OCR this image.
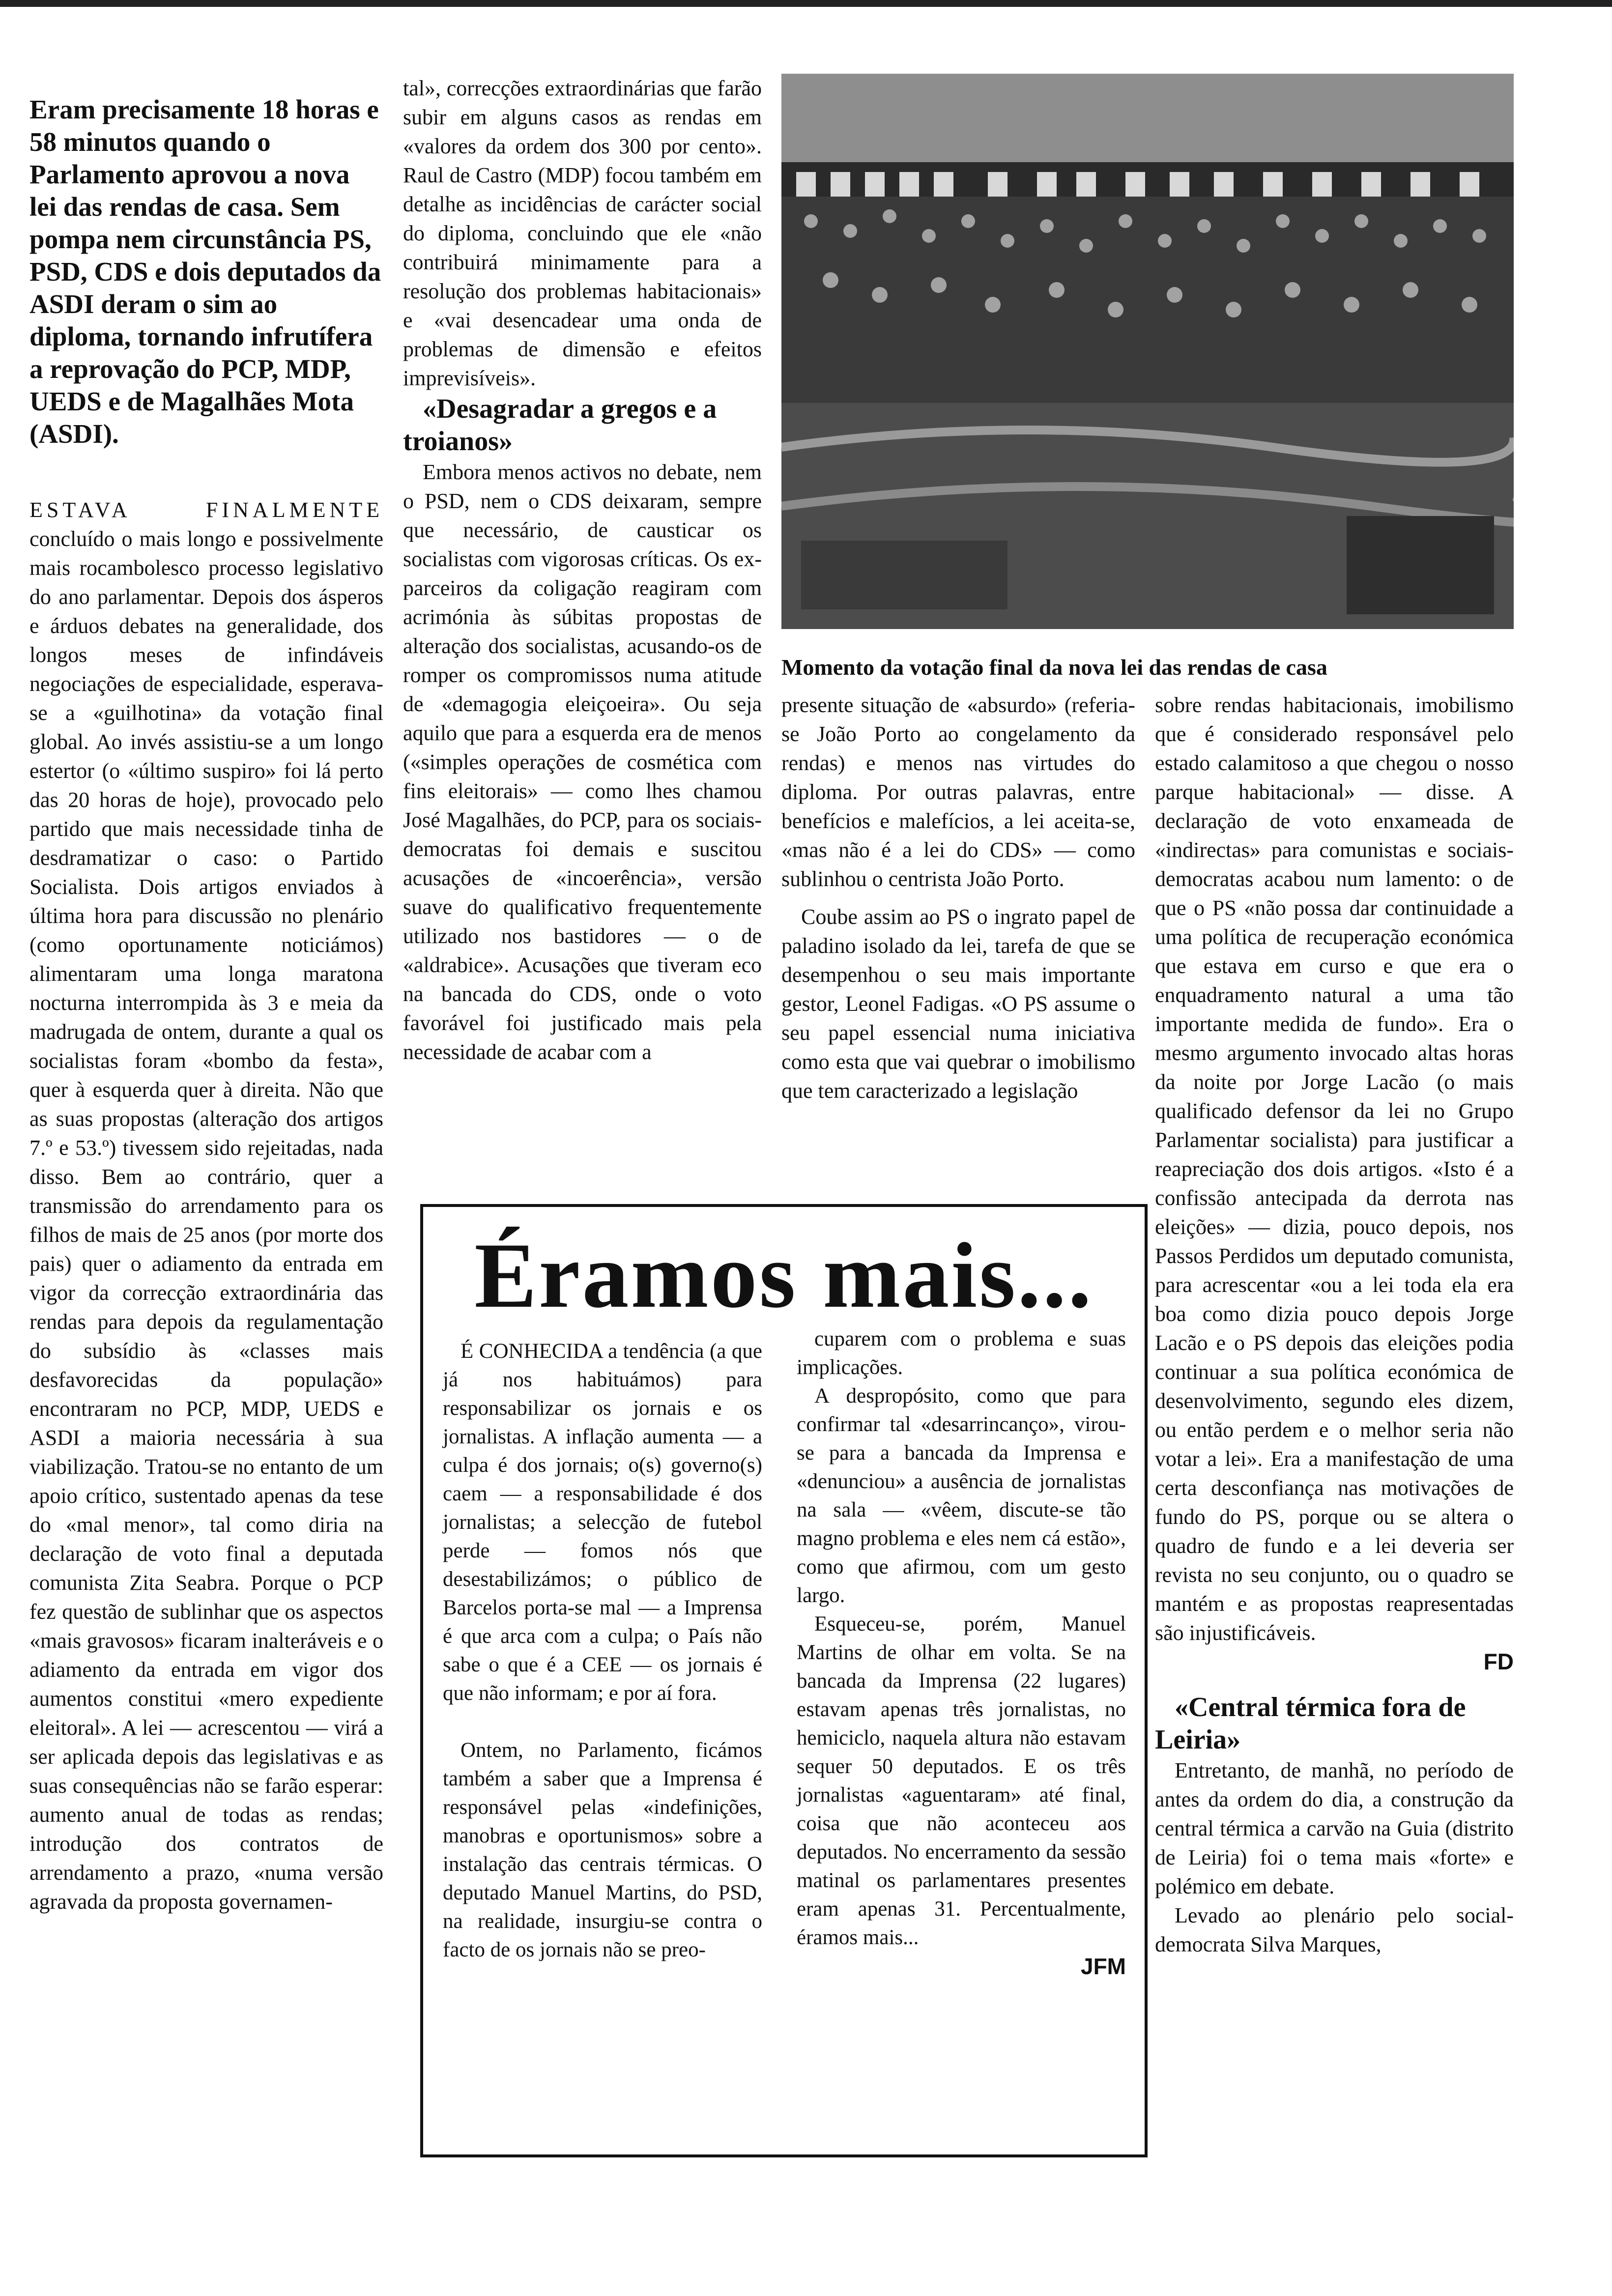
Eram precisamente 18 horas e 58 minutos quando o Parlamento aprovou a nova lei das rendas de casa. Sem pompa nem circunstância PS, PSD, CDS e dois deputados da ASDI deram o sim ao diploma, tornando infrutífera a reprovação do PCP, MDP, UEDS e de Magalhães Mota (ASDI).

ESTAVA FINALMENTE concluído o mais longo e possivelmente mais rocambolesco processo legislativo do ano parlamentar. Depois dos ásperos e árduos debates na generalidade, dos longos meses de infindáveis negociações de especialidade, esperava-se a «guilhotina» da votação final global. Ao invés assistiu-se a um longo estertor (o «último suspiro» foi lá perto das 20 horas de hoje), provocado pelo partido que mais necessidade tinha de desdramatizar o caso: o Partido Socialista. Dois artigos enviados à última hora para discussão no plenário (como oportunamente noticiámos) alimentaram uma longa maratona nocturna interrompida às 3 e meia da madrugada de ontem, durante a qual os socialistas foram «bombo da festa», quer à esquerda quer à direita. Não que as suas propostas (alteração dos artigos 7.º e 53.º) tivessem sido rejeitadas, nada disso. Bem ao contrário, quer a transmissão do arrendamento para os filhos de mais de 25 anos (por morte dos pais) quer o adiamento da entrada em vigor da correcção extraordinária das rendas para depois da regulamentação do subsídio às «classes mais desfavorecidas da população» encontraram no PCP, MDP, UEDS e ASDI a maioria necessária à sua viabilização. Tratou-se no entanto de um apoio crítico, sustentado apenas da tese do «mal menor», tal como diria na declaração de voto final a deputada comunista Zita Seabra. Porque o PCP fez questão de sublinhar que os aspectos «mais gravosos» ficaram inalteráveis e o adiamento da entrada em vigor dos aumentos constitui «mero expediente eleitoral». A lei — acrescentou — virá a ser aplicada depois das legislativas e as suas consequências não se farão esperar: aumento anual de todas as rendas; introdução dos contratos de arrendamento a prazo, «numa versão agravada da proposta governamen-

tal», correcções extraordinárias que farão subir em alguns casos as rendas em «valores da ordem dos 300 por cento». Raul de Castro (MDP) focou também em detalhe as incidências de carácter social do diploma, concluindo que ele «não contribuirá minimamente para a resolução dos problemas habitacionais» e «vai desencadear uma onda de problemas de dimensão e efeitos imprevisíveis».

«Desagradar a gregos e a troianos»

Embora menos activos no debate, nem o PSD, nem o CDS deixaram, sempre que necessário, de causticar os socialistas com vigorosas críticas. Os ex-parceiros da coligação reagiram com acrimónia às súbitas propostas de alteração dos socialistas, acusando-os de romper os compromissos numa atitude de «demagogia eleiçoeira». Ou seja aquilo que para a esquerda era de menos («simples operações de cosmética com fins eleitorais» — como lhes chamou José Magalhães, do PCP, para os sociais-democratas foi demais e suscitou acusações de «incoerência», versão suave do qualificativo frequentemente utilizado nos bastidores — o de «aldrabice». Acusações que tiveram eco na bancada do CDS, onde o voto favorável foi justificado mais pela necessidade de acabar com a

Momento da votação final da nova lei das rendas de casa

presente situação de «absurdo» (referia-se João Porto ao congelamento da rendas) e menos nas virtudes do diploma. Por outras palavras, entre benefícios e malefícios, a lei aceita-se, «mas não é a lei do CDS» — como sublinhou o centrista João Porto.

Coube assim ao PS o ingrato papel de paladino isolado da lei, tarefa de que se desempenhou o seu mais importante gestor, Leonel Fadigas. «O PS assume o seu papel essencial numa iniciativa como esta que vai quebrar o imobilismo que tem caracterizado a legislação

sobre rendas habitacionais, imobilismo que é considerado responsável pelo estado calamitoso a que chegou o nosso parque habitacional» — disse. A declaração de voto enxameada de «indirectas» para comunistas e sociais-democratas acabou num lamento: o de que o PS «não possa dar continuidade a uma política de recuperação económica que estava em curso e que era o enquadramento natural a uma tão importante medida de fundo». Era o mesmo argumento invocado altas horas da noite por Jorge Lacão (o mais qualificado defensor da lei no Grupo Parlamentar socialista) para justificar a reapreciação dos dois artigos. «Isto é a confissão antecipada da derrota nas eleições» — dizia, pouco depois, nos Passos Perdidos um deputado comunista, para acrescentar «ou a lei toda ela era boa como dizia pouco depois Jorge Lacão e o PS depois das eleições podia continuar a sua política económica de desenvolvimento, segundo eles dizem, ou então perdem e o melhor seria não votar a lei». Era a manifestação de uma certa desconfiança nas motivações de fundo do PS, porque ou se altera o quadro de fundo e a lei deveria ser revista no seu conjunto, ou o quadro se mantém e as propostas reapresentadas são injustificáveis.

FD

«Central térmica fora de Leiria»

Entretanto, de manhã, no período de antes da ordem do dia, a construção da central térmica a carvão na Guia (distrito de Leiria) foi o tema mais «forte» e polémico em debate.

Levado ao plenário pelo social-democrata Silva Marques,

Éramos mais...

É CONHECIDA a tendência (a que já nos habituámos) para responsabilizar os jornais e os jornalistas. A inflação aumenta — a culpa é dos jornais; o(s) governo(s) caem — a responsabilidade é dos jornalistas; a selecção de futebol perde — fomos nós que desestabilizámos; o público de Barcelos porta-se mal — a Imprensa é que arca com a culpa; o País não sabe o que é a CEE — os jornais é que não informam; e por aí fora.

Ontem, no Parlamento, ficámos também a saber que a Imprensa é responsável pelas «indefinições, manobras e oportunismos» sobre a instalação das centrais térmicas. O deputado Manuel Martins, do PSD, na realidade, insurgiu-se contra o facto de os jornais não se preo-

cuparem com o problema e suas implicações.

A despropósito, como que para confirmar tal «desarrincanço», virou-se para a bancada da Imprensa e «denunciou» a ausência de jornalistas na sala — «vêem, discute-se tão magno problema e eles nem cá estão», como que afirmou, com um gesto largo.

Esqueceu-se, porém, Manuel Martins de olhar em volta. Se na bancada da Imprensa (22 lugares) estavam apenas três jornalistas, no hemiciclo, naquela altura não estavam sequer 50 deputados. E os três jornalistas «aguentaram» até final, coisa que não aconteceu aos deputados. No encerramento da sessão matinal os parlamentares presentes eram apenas 31. Percentualmente, éramos mais...

JFM
